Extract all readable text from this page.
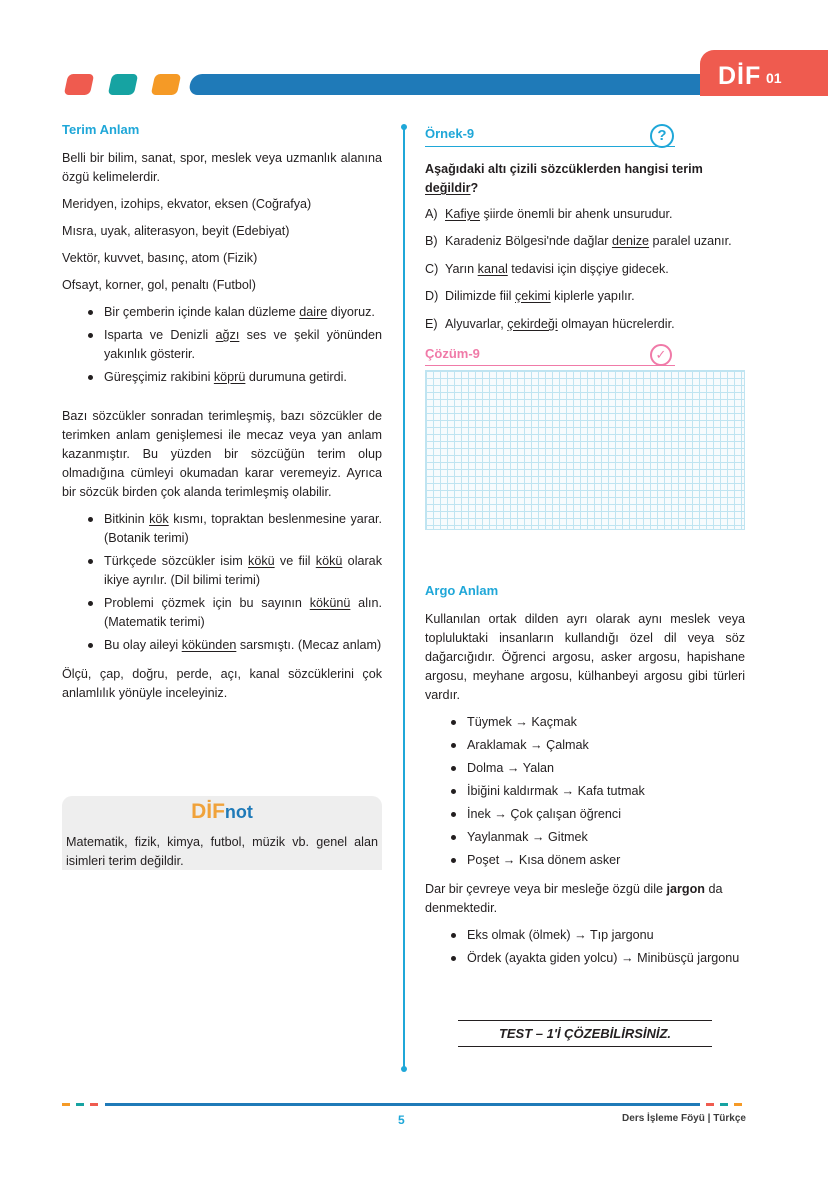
DİF 01
Terim Anlam

Belli bir bilim, sanat, spor, meslek veya uzmanlık alanına özgü kelimelerdir.

Meridyen, izohips, ekvator, eksen (Coğrafya)

Mısra, uyak, aliterasyon, beyit (Edebiyat)

Vektör, kuvvet, basınç, atom (Fizik)

Ofsayt, korner, gol, penaltı (Futbol)

Bir çemberin içinde kalan düzleme daire diyoruz.
Isparta ve Denizli ağzı ses ve şekil yönünden yakınlık gösterir.
Güreşçimiz rakibini köprü durumuna getirdi.

Bazı sözcükler sonradan terimleşmiş, bazı sözcükler de terimken anlam genişlemesi ile mecaz veya yan anlam kazanmıştır. Bu yüzden bir sözcüğün terim olup olmadığına cümleyi okumadan karar veremeyiz. Ayrıca bir sözcük birden çok alanda terimleşmiş olabilir.

Bitkinin kök kısmı, topraktan beslenmesine yarar. (Botanik terimi)
Türkçede sözcükler isim kökü ve fiil kökü olarak ikiye ayrılır. (Dil bilimi terimi)
Problemi çözmek için bu sayının kökünü alın. (Matematik terimi)
Bu olay aileyi kökünden sarsmıştı. (Mecaz anlam)

Ölçü, çap, doğru, perde, açı, kanal sözcüklerini çok anlamlılık yönüyle inceleyiniz.

DİFnot
Matematik, fizik, kimya, futbol, müzik vb. genel alan isimleri terim değildir.
Örnek-9	?
Aşağıdaki altı çizili sözcüklerden hangisi terim değildir?
A) Kafiye şiirde önemli bir ahenk unsurudur.
B) Karadeniz Bölgesi'nde dağlar denize paralel uzanır.
C) Yarın kanal tedavisi için dişçiye gidecek.
D) Dilimizde fiil çekimi kiplerle yapılır.
E) Alyuvarlar, çekirdeği olmayan hücrelerdir.
Çözüm-9	✓
Argo Anlam

Kullanılan ortak dilden ayrı olarak aynı meslek veya topluluktaki insanların kullandığı özel dil veya söz dağarcığıdır. Öğrenci argosu, asker argosu, hapishane argosu, meyhane argosu, külhanbeyi argosu gibi türleri vardır.

Tüymek → Kaçmak
Araklamak → Çalmak
Dolma → Yalan
İbiğini kaldırmak → Kafa tutmak
İnek → Çok çalışan öğrenci
Yaylanmak → Gitmek
Poşet → Kısa dönem asker

Dar bir çevreye veya bir mesleğe özgü dile jargon da denmektedir.

Eks olmak (ölmek) → Tıp jargonu
Ördek (ayakta giden yolcu) → Minibüsçü jargonu
TEST – 1'İ ÇÖZEBİLİRSİNİZ.
5	Ders İşleme Föyü | Türkçe
